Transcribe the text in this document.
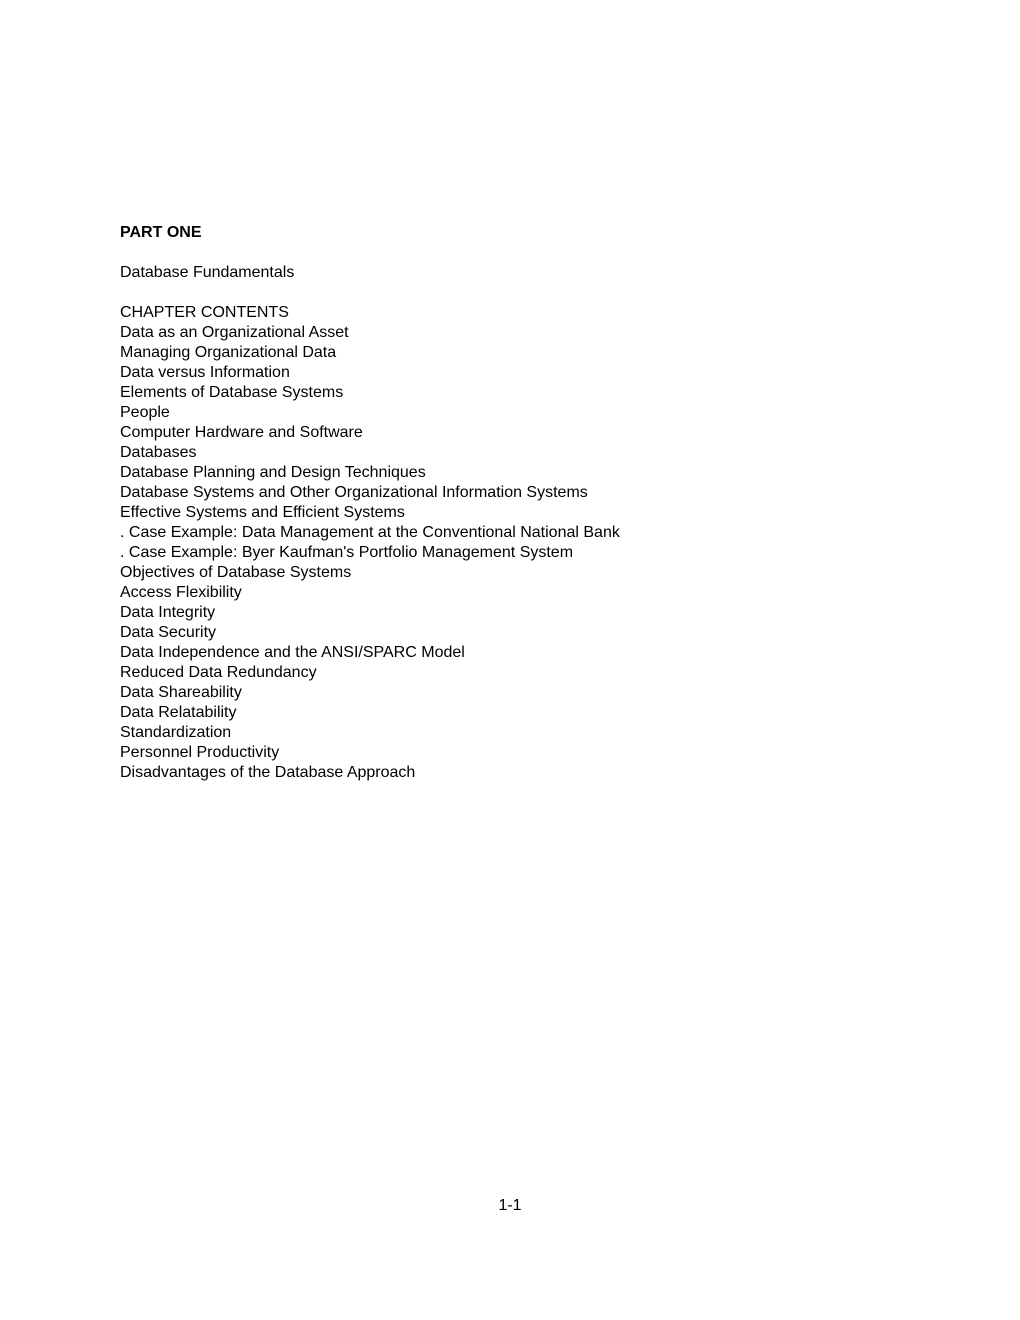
PART ONE
Database Fundamentals
CHAPTER CONTENTS
Data as an Organizational Asset
Managing Organizational Data
Data versus Information
Elements of Database Systems
People
Computer Hardware and Software
Databases
Database Planning and Design Techniques
Database Systems and Other Organizational Information Systems
Effective Systems and Efficient Systems
. Case Example: Data Management at the Conventional National Bank
. Case Example: Byer Kaufman's Portfolio Management System
Objectives of Database Systems
Access Flexibility
Data Integrity
Data Security
Data Independence and the ANSI/SPARC Model
Reduced Data Redundancy
Data Shareability
Data Relatability
Standardization
Personnel Productivity
Disadvantages of the Database Approach
1-1
